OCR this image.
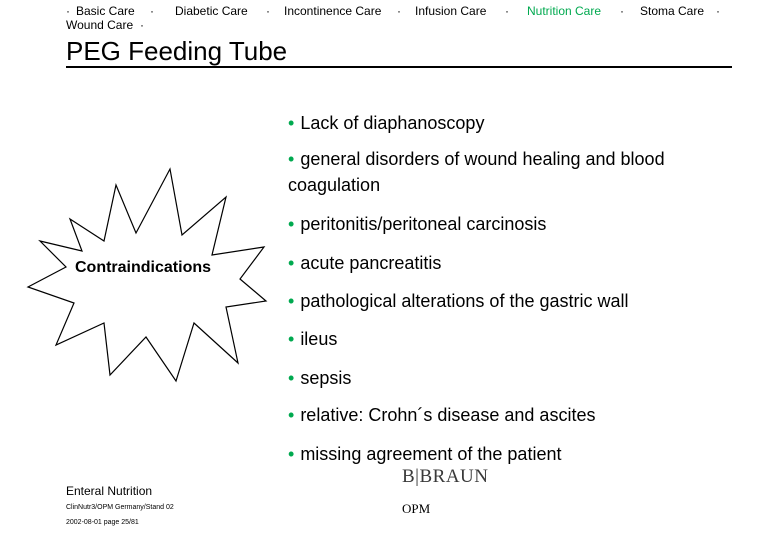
· Basic Care · Diabetic Care · Incontinence Care · Infusion Care · Nutrition Care · Stoma Care ·
Wound Care ·
PEG Feeding Tube
Contraindications
• Lack of diaphanoscopy
• general disorders of wound healing and blood coagulation
• peritonitis/peritoneal carcinosis
• acute pancreatitis
• pathological alterations of the gastric wall
• ileus
• sepsis
• relative: Crohn´s disease and ascites
• missing agreement of the patient
Enteral Nutrition
ClinNutr3/OPM Germany/Stand 02
2002-08-01 page 25/81
B|BRAUN
OPM
